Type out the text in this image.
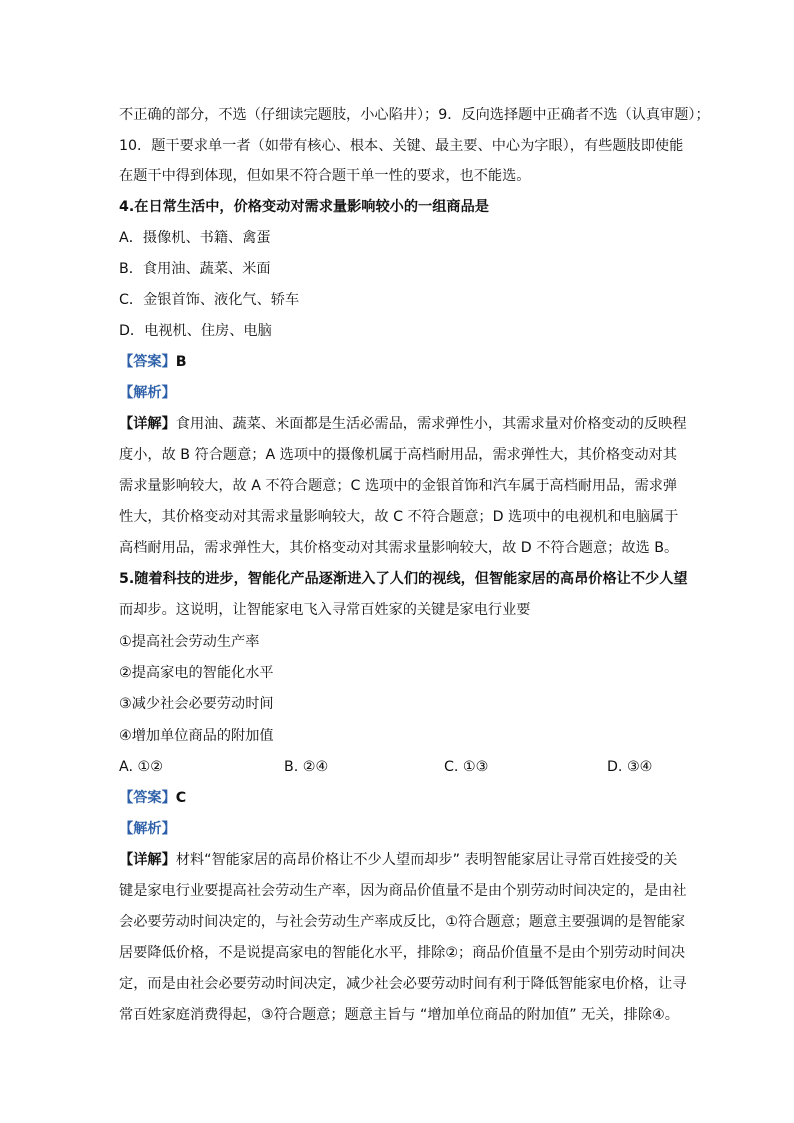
不正确的部分，不选（仔细读完题肢，小心陷井）；9．反向选择题中正确者不选（认真审题）；
10．题干要求单一者（如带有核心、根本、关键、最主要、中心为字眼），有些题肢即使能
在题干中得到体现，但如果不符合题干单一性的要求，也不能选。
4.在日常生活中，价格变动对需求量影响较小的一组商品是
A．摄像机、书籍、禽蛋
B．食用油、蔬菜、米面
C．金银首饰、液化气、轿车
D．电视机、住房、电脑
【答案】B
【解析】
【详解】食用油、蔬菜、米面都是生活必需品，需求弹性小，其需求量对价格变动的反映程
度小，故 B 符合题意；A 选项中的摄像机属于高档耐用品，需求弹性大，其价格变动对其
需求量影响较大，故 A 不符合题意；C 选项中的金银首饰和汽车属于高档耐用品，需求弹
性大，其价格变动对其需求量影响较大，故 C 不符合题意；D 选项中的电视机和电脑属于
高档耐用品，需求弹性大，其价格变动对其需求量影响较大，故 D 不符合题意；故选 B。
5.随着科技的进步，智能化产品逐渐进入了人们的视线，但智能家居的高昂价格让不少人望
而却步。这说明，让智能家电飞入寻常百姓家的关键是家电行业要
①提高社会劳动生产率
②提高家电的智能化水平
③减少社会必要劳动时间
④增加单位商品的附加值
A. ①②	B. ②④	C. ①③	D. ③④
【答案】C
【解析】
【详解】材料“智能家居的高昂价格让不少人望而却步” 表明智能家居让寻常百姓接受的关
键是家电行业要提高社会劳动生产率，因为商品价值量不是由个别劳动时间决定的，是由社
会必要劳动时间决定的，与社会劳动生产率成反比，①符合题意；题意主要强调的是智能家
居要降低价格，不是说提高家电的智能化水平，排除②；商品价值量不是由个别劳动时间决
定，而是由社会必要劳动时间决定，减少社会必要劳动时间有利于降低智能家电价格，让寻
常百姓家庭消费得起，③符合题意；题意主旨与 “增加单位商品的附加值” 无关，排除④。
